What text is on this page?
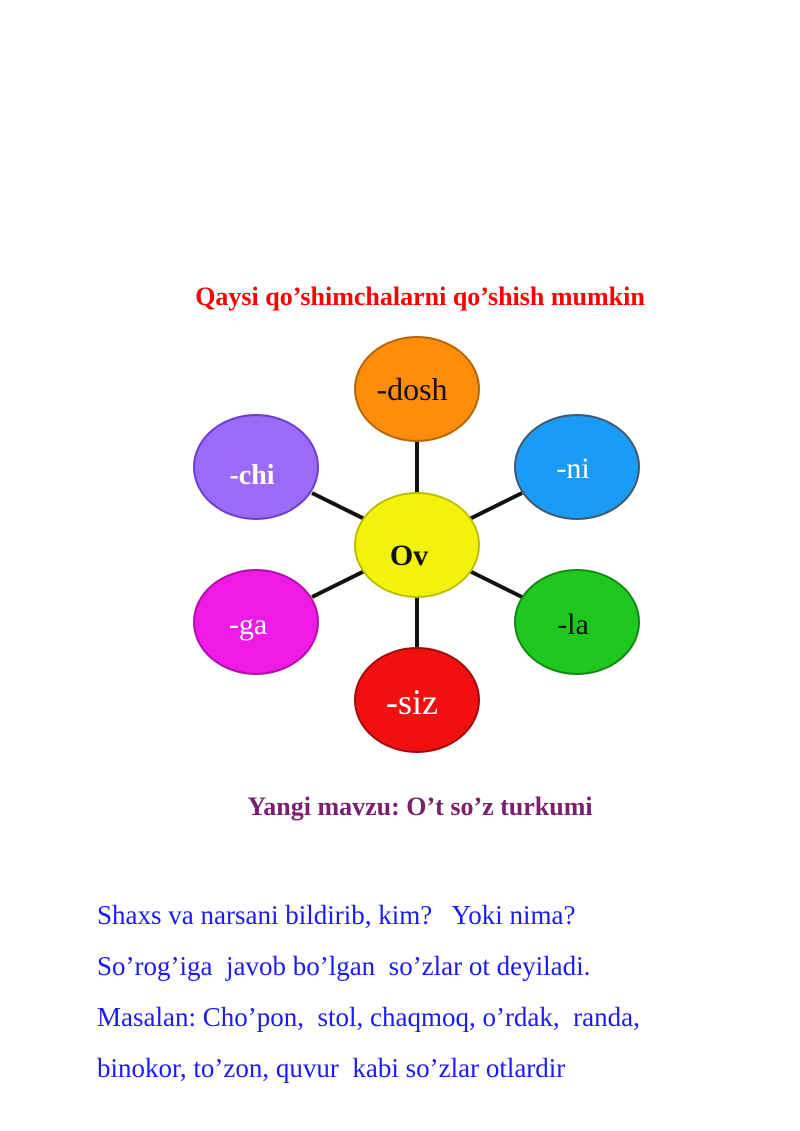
Qaysi qo’shimchalarni qo’shish mumkin
-dosh
-ni
-la
-siz
-ga
-chi
Ov
Yangi mavzu: O’t so’z turkumi
Shaxs va narsani bildirib, kim?   Yoki nima?
So’rog’iga  javob bo’lgan  so’zlar ot deyiladi.
Masalan: Cho’pon,  stol, chaqmoq, o’rdak,  randa,
binokor, to’zon, quvur  kabi so’zlar otlardir
